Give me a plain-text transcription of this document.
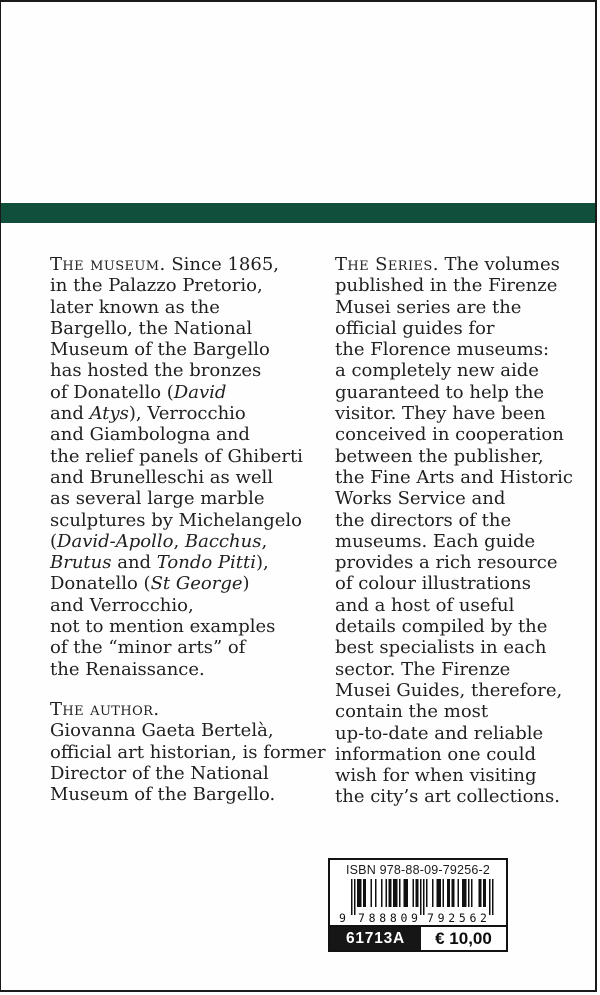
The museum. Since 1865,
in the Palazzo Pretorio,
later known as the
Bargello, the National
Museum of the Bargello
has hosted the bronzes
of Donatello (David
and Atys), Verrocchio
and Giambologna and
the relief panels of Ghiberti
and Brunelleschi as well
as several large marble
sculptures by Michelangelo
(David-Apollo, Bacchus,
Brutus and Tondo Pitti),
Donatello (St George)
and Verrocchio,
not to mention examples
of the “minor arts” of
the Renaissance.
The author.
Giovanna Gaeta Bertelà,
official art historian, is former
Director of the National
Museum of the Bargello.
The Series. The volumes
published in the Firenze
Musei series are the
official guides for
the Florence museums:
a completely new aide
guaranteed to help the
visitor. They have been
conceived in cooperation
between the publisher,
the Fine Arts and Historic
Works Service and
the directors of the
museums. Each guide
provides a rich resource
of colour illustrations
and a host of useful
details compiled by the
best specialists in each
sector. The Firenze
Musei Guides, therefore,
contain the most
up-to-date and reliable
information one could
wish for when visiting
the city’s art collections.
ISBN 978-88-09-79256-2
9 7 8 8 8 0 9 7 9 2 5 6 2
61713A	€ 10,00
